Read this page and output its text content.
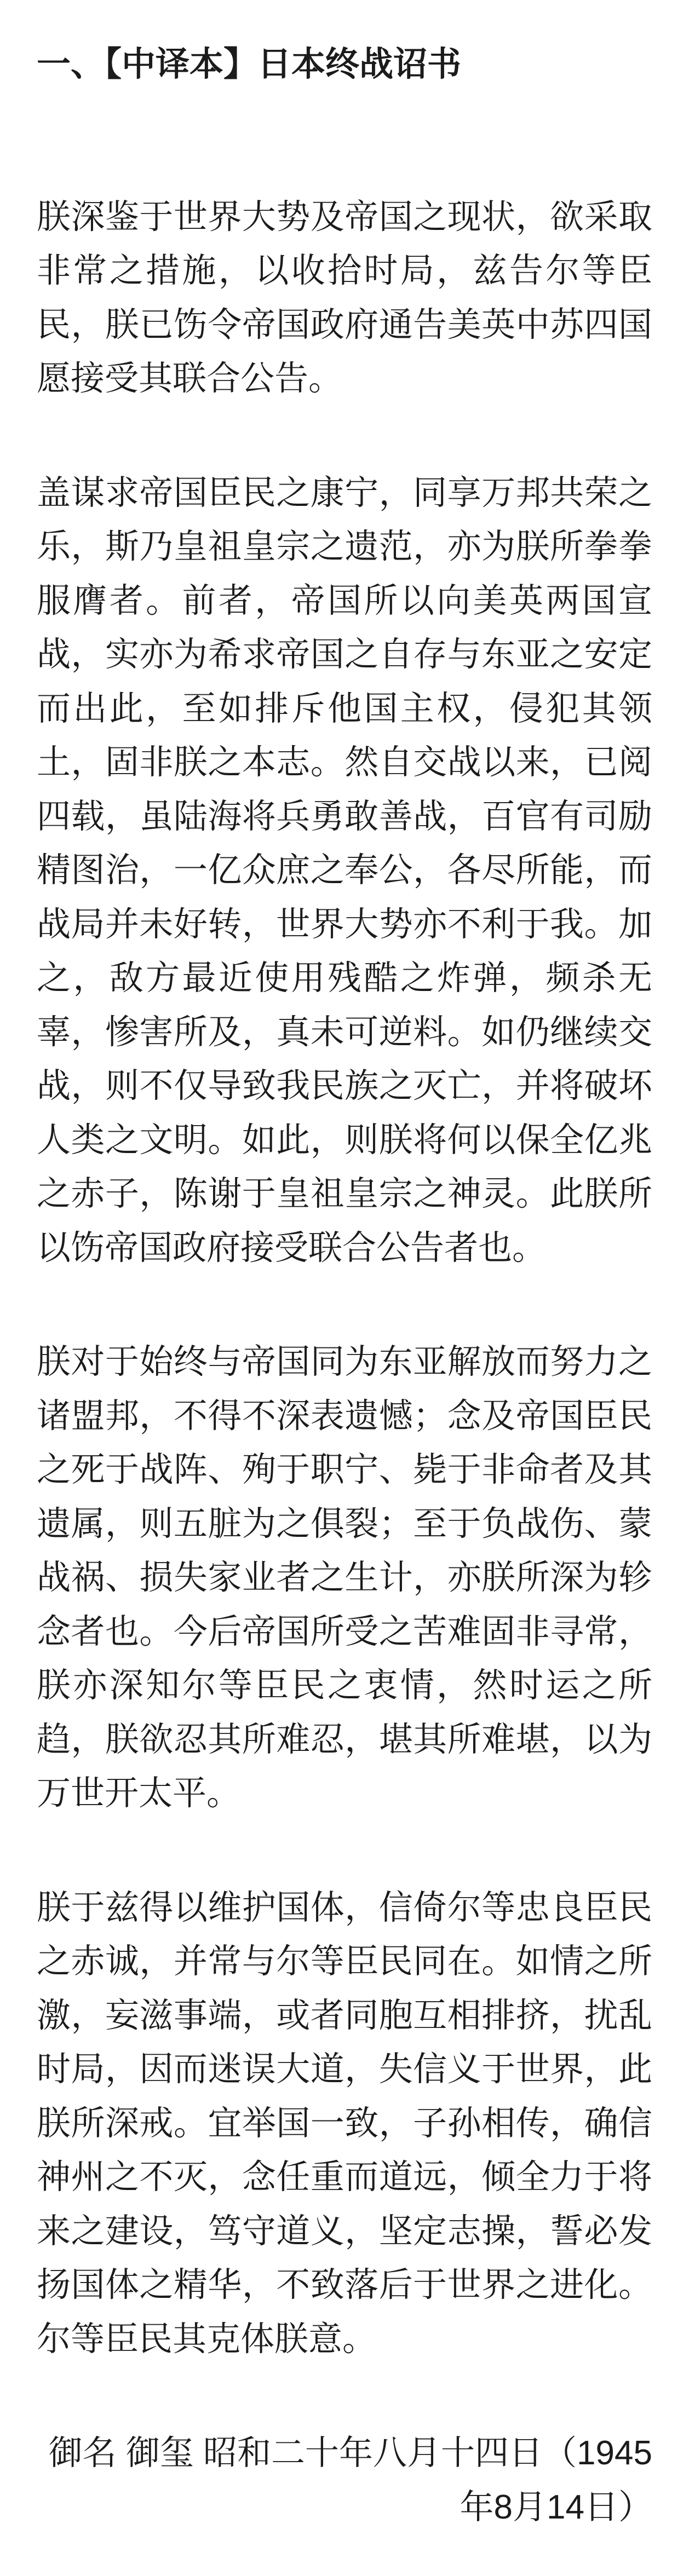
一、【中译本】日本终战诏书

朕深鉴于世界大势及帝国之现状，欲采取非常之措施，以收拾时局，兹告尔等臣民，朕已饬令帝国政府通告美英中苏四国愿接受其联合公告。

盖谋求帝国臣民之康宁，同享万邦共荣之乐，斯乃皇祖皇宗之遗范，亦为朕所拳拳服膺者。前者，帝国所以向美英两国宣战，实亦为希求帝国之自存与东亚之安定而出此，至如排斥他国主权，侵犯其领土，固非朕之本志。然自交战以来，已阅四载，虽陆海将兵勇敢善战，百官有司励精图治，一亿众庶之奉公，各尽所能，而战局并未好转，世界大势亦不利于我。加之，敌方最近使用残酷之炸弹，频杀无辜，惨害所及，真未可逆料。如仍继续交战，则不仅导致我民族之灭亡，并将破坏人类之文明。如此，则朕将何以保全亿兆之赤子，陈谢于皇祖皇宗之神灵。此朕所以饬帝国政府接受联合公告者也。

朕对于始终与帝国同为东亚解放而努力之诸盟邦，不得不深表遗憾；念及帝国臣民之死于战阵、殉于职宁、毙于非命者及其遗属，则五脏为之俱裂；至于负战伤、蒙战祸、损失家业者之生计，亦朕所深为轸念者也。今后帝国所受之苦难固非寻常，朕亦深知尔等臣民之衷情，然时运之所趋，朕欲忍其所难忍，堪其所难堪，以为万世开太平。

朕于兹得以维护国体，信倚尔等忠良臣民之赤诚，并常与尔等臣民同在。如情之所激，妄滋事端，或者同胞互相排挤，扰乱时局，因而迷误大道，失信义于世界，此朕所深戒。宜举国一致，子孙相传，确信神州之不灭，念任重而道远，倾全力于将来之建设，笃守道义，坚定志操，誓必发扬国体之精华，不致落后于世界之进化。尔等臣民其克体朕意。

御名 御玺 昭和二十年八月十四日（1945年8月14日）
